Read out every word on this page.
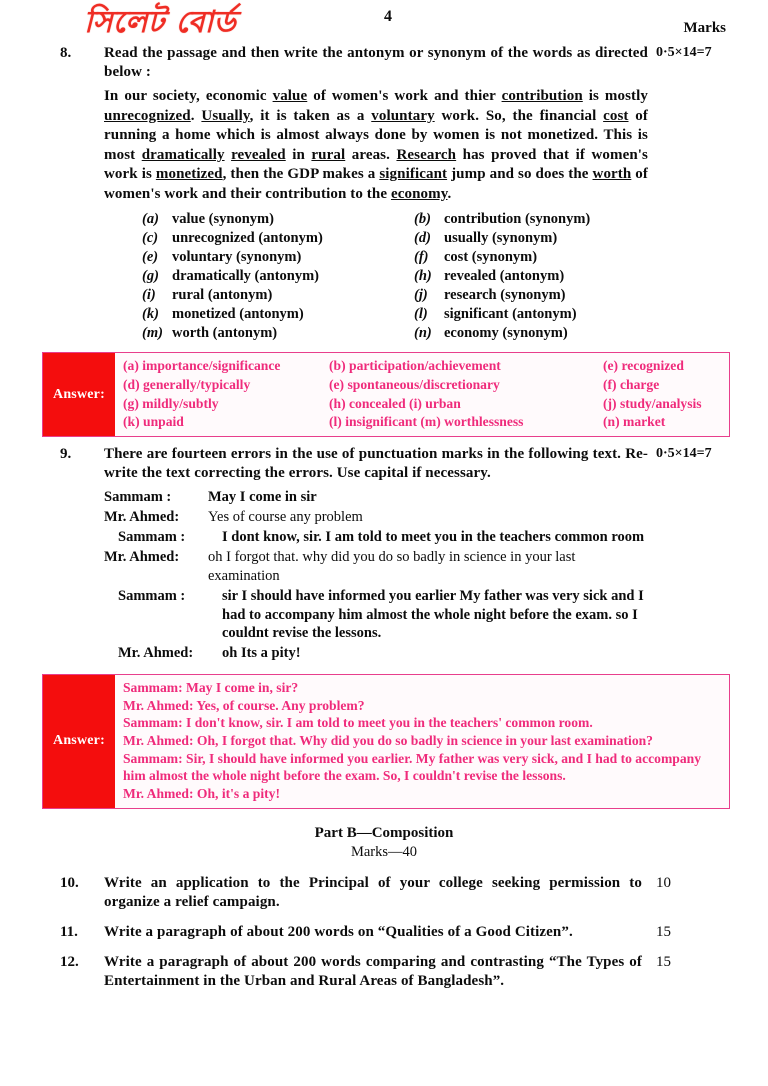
সিলেট বোর্ড	4
Marks
8.	Read the passage and then write the antonym or synonym of the words as directed below :
In our society, economic value of women's work and thier contribution is mostly unrecognized. Usually, it is taken as a voluntary work. So, the financial cost of running a home which is almost always done by women is not monetized. This is most dramatically revealed in rural areas. Research has proved that if women's work is monetized, then the GDP makes a significant jump and so does the worth of women's work and their contribution to the economy.
(a) value (synonym)	(b) contribution (synonym)
(c) unrecognized (antonym)	(d) usually (synonym)
(e) voluntary (synonym)	(f)	cost (synonym)
(g) dramatically (antonym)	(h) revealed (antonym)
(i)	rural (antonym)	(j)	research (synonym)
(k) monetized (antonym)	(l)	significant (antonym)
(m) worth (antonym)	(n) economy (synonym)
0·5×14=7
Answer:
(a) importance/significance	(b) participation/achievement	(e) recognized
(d) generally/typically	(e) spontaneous/discretionary	(f) charge
(g) mildly/subtly	(h) concealed (i) urban	(j) study/analysis
(k) unpaid	(l) insignificant (m) worthlessness	(n) market
9.	There are fourteen errors in the use of punctuation marks in the following text. Re-write the text correcting the errors. Use capital if necessary.
Sammam :	May I come in sir
Mr. Ahmed:	Yes of course any problem
Sammam :	I dont know, sir. I am told to meet you in the teachers common room
Mr. Ahmed:	oh I forgot that. why did you do so badly in science in your last examination
Sammam :	sir I should have informed you earlier My father was very sick and I had to accompany him almost the whole night before the exam. so I couldnt revise the lessons.
Mr. Ahmed:	oh Its a pity!
0·5×14=7
Answer:
Sammam: May I come in, sir?
Mr. Ahmed: Yes, of course. Any problem?
Sammam: I don't know, sir. I am told to meet you in the teachers' common room.
Mr. Ahmed: Oh, I forgot that. Why did you do so badly in science in your last examination?
Sammam: Sir, I should have informed you earlier. My father was very sick, and I had to accompany him almost the whole night before the exam. So, I couldn't revise the lessons.
Mr. Ahmed: Oh, it's a pity!
Part B—Composition
Marks—40
10.	Write an application to the Principal of your college seeking permission to organize a relief campaign.
10
11.	Write a paragraph of about 200 words on “Qualities of a Good Citizen”.	15
12.	Write a paragraph of about 200 words comparing and contrasting “The Types of Entertainment in the Urban and Rural Areas of Bangladesh”.
15
